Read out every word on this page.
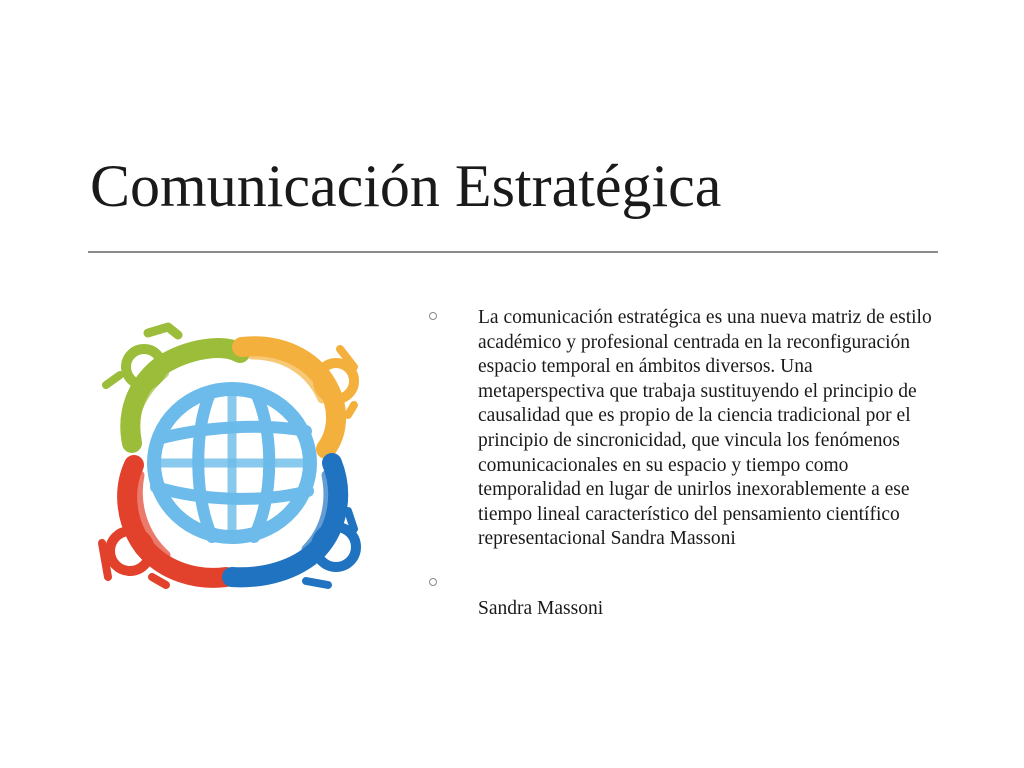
Comunicación Estratégica
La comunicación estratégica es una nueva matriz de estilo académico y profesional centrada en la reconfiguración espacio temporal en ámbitos diversos. Una metaperspectiva que trabaja sustituyendo el principio de causalidad que es propio de la ciencia tradicional por el principio de sincronicidad, que vincula los fenómenos comunicacionales en su espacio y tiempo como temporalidad en lugar de unirlos inexorablemente a ese tiempo lineal característico del pensamiento científico representacional Sandra Massoni
Sandra Massoni
